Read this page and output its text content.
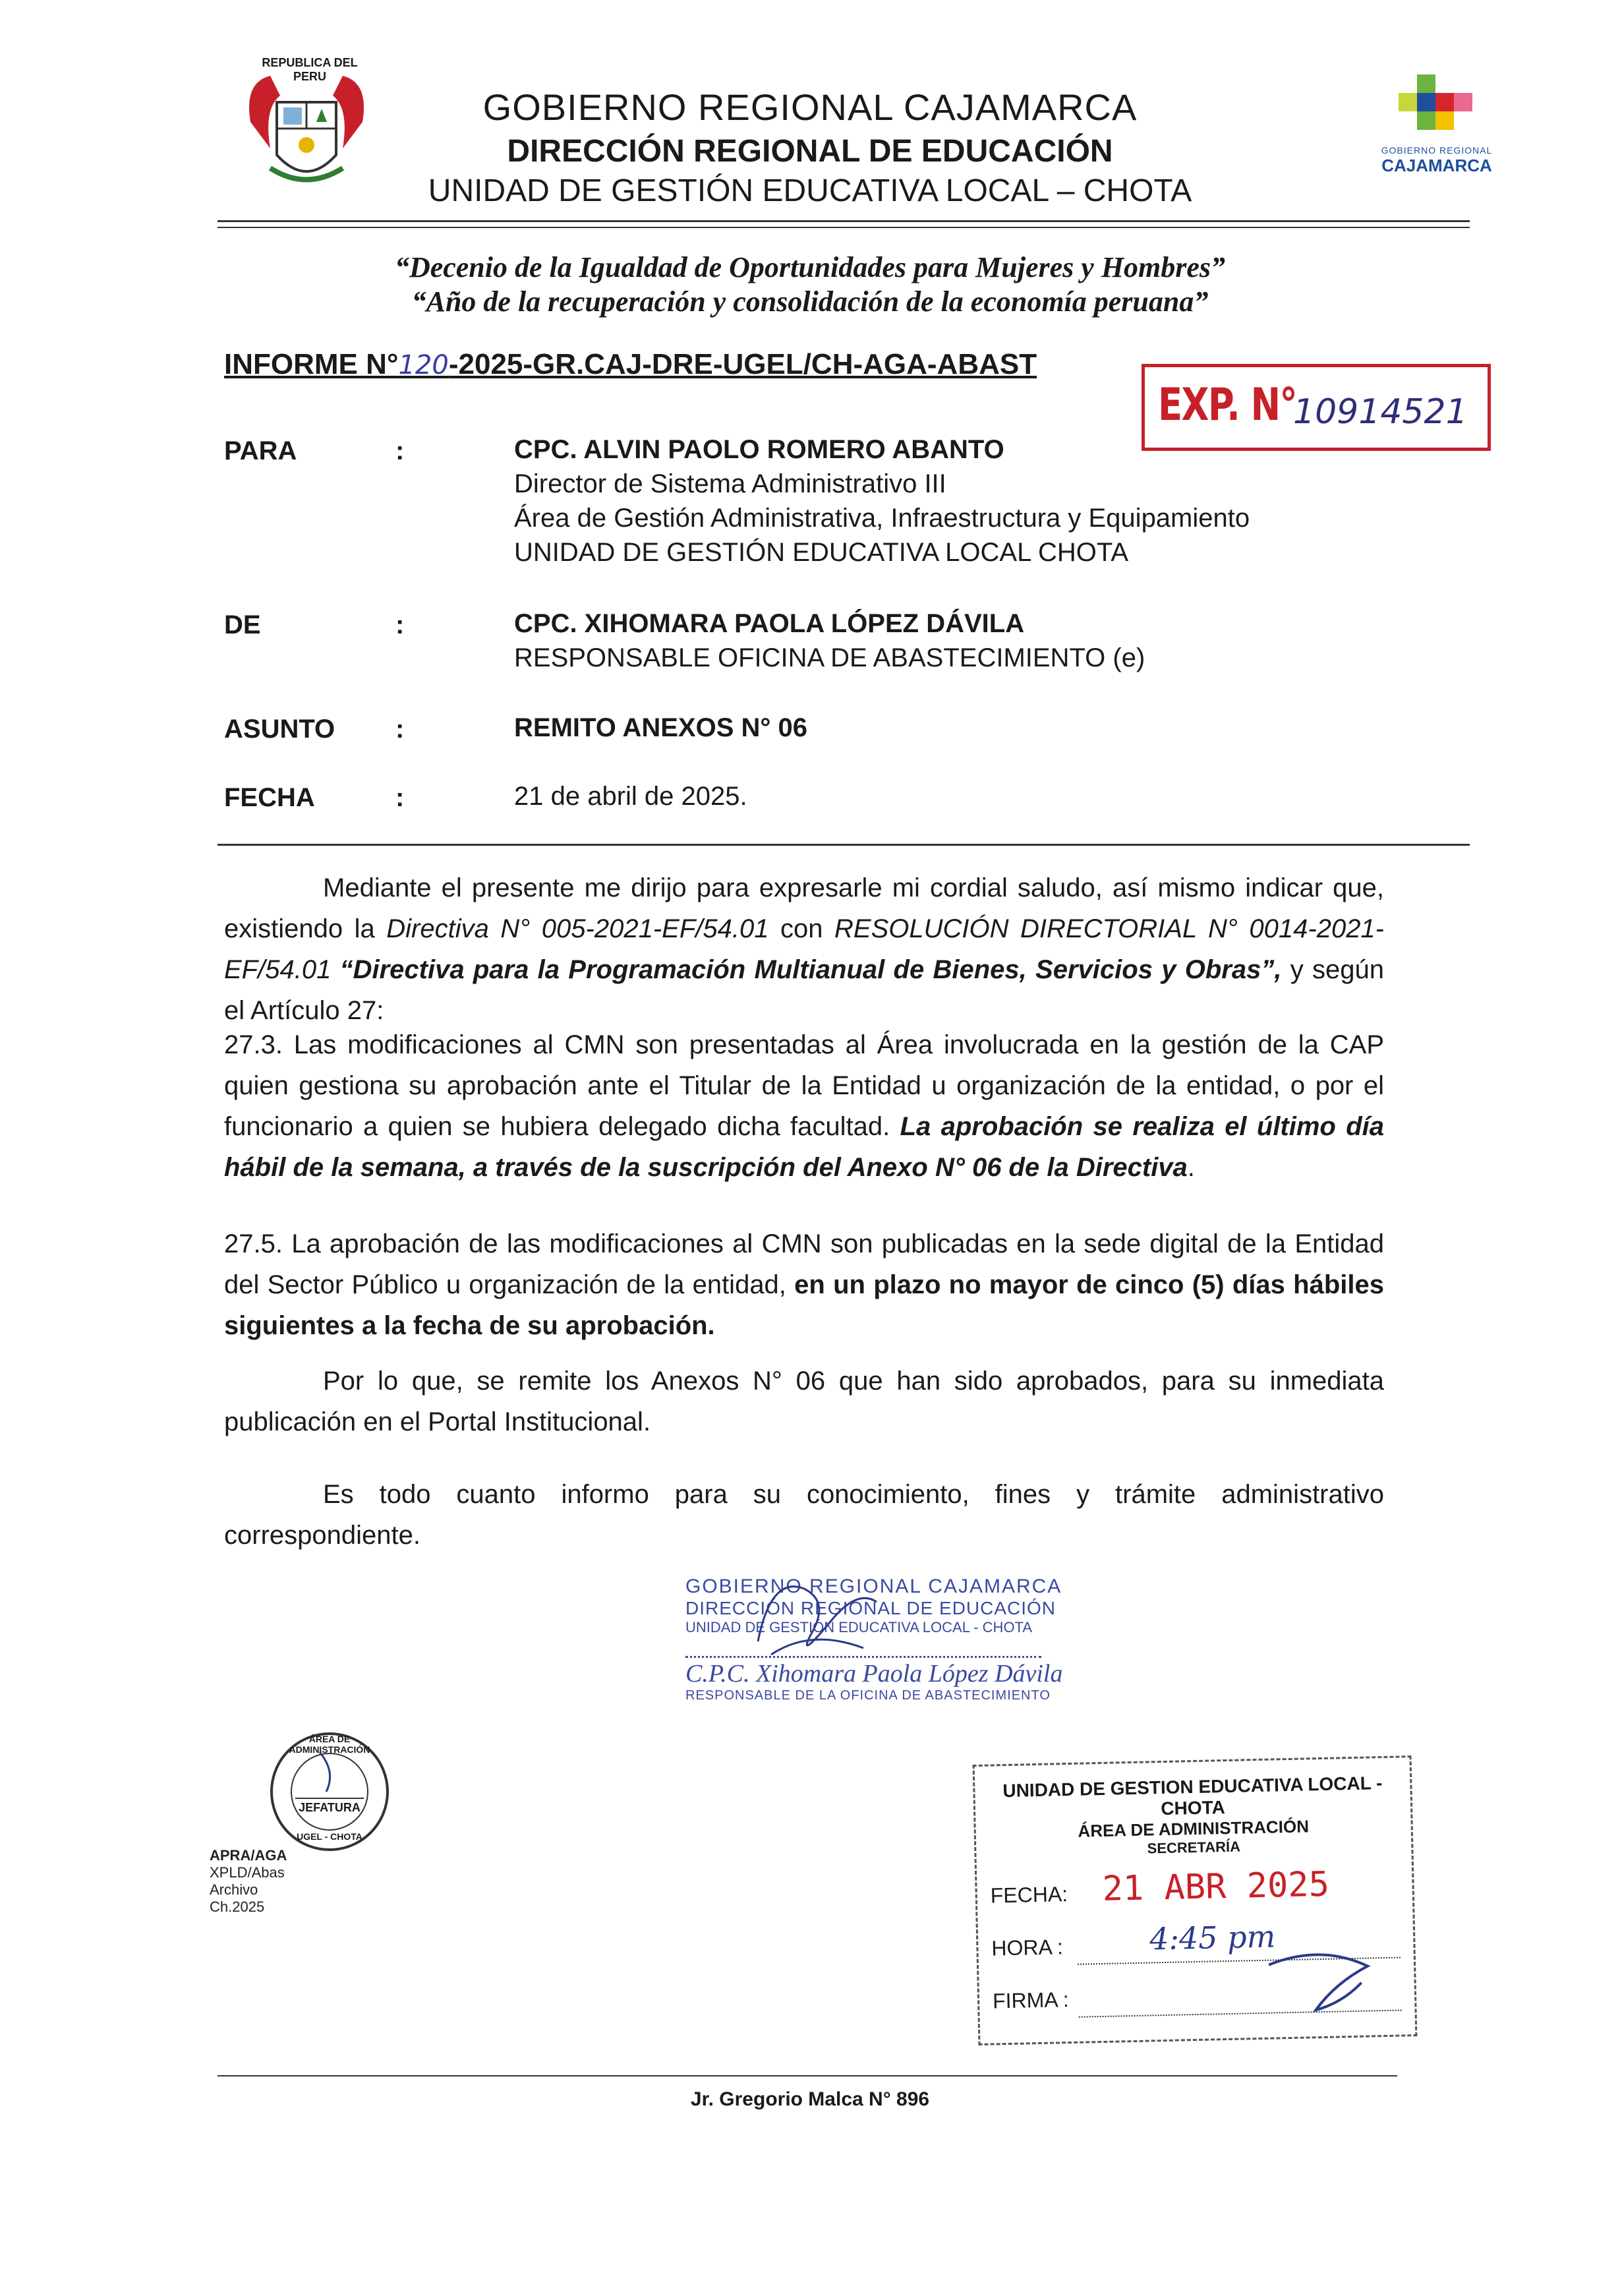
REPUBLICA DEL PERU
GOBIERNO REGIONAL
CAJAMARCA
GOBIERNO REGIONAL CAJAMARCA
DIRECCIÓN REGIONAL DE EDUCACIÓN
UNIDAD DE GESTIÓN EDUCATIVA LOCAL – CHOTA
“Decenio de la Igualdad de Oportunidades para Mujeres y Hombres”
“Año de la recuperación y consolidación de la economía peruana”
INFORME N°120-2025-GR.CAJ-DRE-UGEL/CH-AGA-ABAST
EXP. N°
10914521
PARA	:	CPC. ALVIN PAOLO ROMERO ABANTO
Director de Sistema Administrativo III
Área de Gestión Administrativa, Infraestructura y Equipamiento
UNIDAD DE GESTIÓN EDUCATIVA LOCAL CHOTA
DE	:	CPC. XIHOMARA PAOLA LÓPEZ DÁVILA
RESPONSABLE OFICINA DE ABASTECIMIENTO (e)
ASUNTO :	REMITO ANEXOS N° 06
FECHA	:	21 de abril de 2025.
Mediante el presente me dirijo para expresarle mi cordial saludo, así mismo indicar que, existiendo la Directiva N° 005-2021-EF/54.01 con RESOLUCIÓN DIRECTORIAL N° 0014-2021-EF/54.01 “Directiva para la Programación Multianual de Bienes, Servicios y Obras”, y según el Artículo 27:
27.3. Las modificaciones al CMN son presentadas al Área involucrada en la gestión de la CAP quien gestiona su aprobación ante el Titular de la Entidad u organización de la entidad, o por el funcionario a quien se hubiera delegado dicha facultad. La aprobación se realiza el último día hábil de la semana, a través de la suscripción del Anexo N° 06 de la Directiva.
27.5. La aprobación de las modificaciones al CMN son publicadas en la sede digital de la Entidad del Sector Público u organización de la entidad, en un plazo no mayor de cinco (5) días hábiles siguientes a la fecha de su aprobación.
Por lo que, se remite los Anexos N° 06 que han sido aprobados, para su inmediata publicación en el Portal Institucional.
Es todo cuanto informo para su conocimiento, fines y trámite administrativo correspondiente.
GOBIERNO REGIONAL CAJAMARCA
DIRECCIÓN REGIONAL DE EDUCACIÓN
UNIDAD DE GESTIÓN EDUCATIVA LOCAL - CHOTA
C.P.C. Xihomara Paola López Dávila
RESPONSABLE DE LA OFICINA DE ABASTECIMIENTO
ÁREA DE ADMINISTRACIÓN
JEFATURA
UGEL - CHOTA
APRA/AGA
XPLD/Abas
Archivo
Ch.2025
UNIDAD DE GESTION EDUCATIVA LOCAL - CHOTA
ÁREA DE ADMINISTRACIÓN
SECRETARÍA
FECHA: 21 ABR 2025
HORA :	4:45 pm
FIRMA :
Jr. Gregorio Malca N° 896
